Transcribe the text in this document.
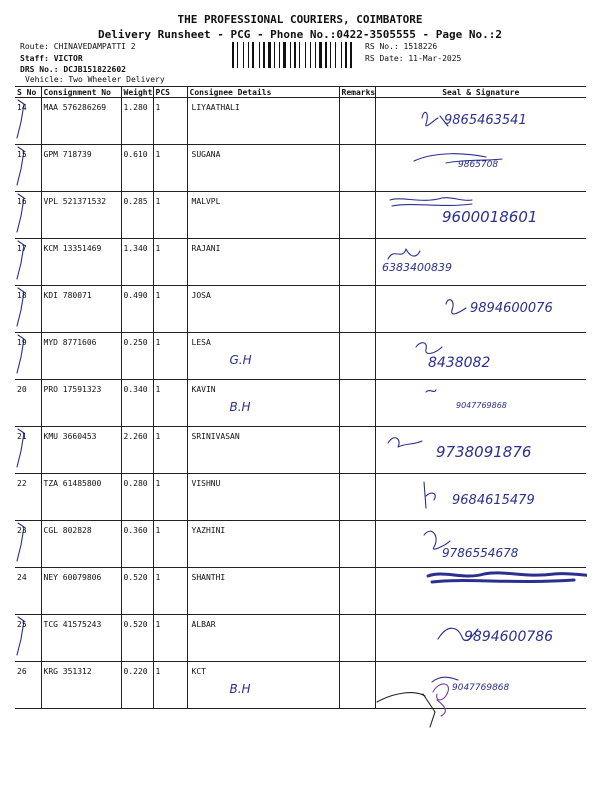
THE PROFESSIONAL COURIERS, COIMBATORE
Delivery Runsheet - PCG - Phone No.:0422-3505555 - Page No.:2
Route: CHINAVEDAMPATTI 2
Staff: VICTOR
DRS No.: DCJB151822602
Vehicle: Two Wheeler Delivery
RS No.: 1518226
RS Date: 11-Mar-2025
S No	Consignment No	Weight	PCS	Consignee Details	Remarks	Seal & Signature

14	MAA 576286269	1.280	1	LIYAATHALI		9865463541

15	GPM 718739	0.610	1	SUGANA		9865708

16	VPL 521371532	0.285	1	MALVPL		9600018601

17	KCM 13351469	1.340	1	RAJANI		6383400839

18	KDI 780071	0.490	1	JOSA		9894600076

19	MYD 8771606	0.250	1	LESA
G.H		8438082

20	PRO 17591323	0.340	1	KAVIN
B.H		9047769868

21	KMU 3660453	2.260	1	SRINIVASAN		9738091876

22	TZA 61485800	0.280	1	VISHNU		9684615479

23	CGL 802828	0.360	1	YAZHINI		9786554678

24	NEY 60079806	0.520	1	SHANTHI		

25	TCG 41575243	0.520	1	ALBAR		9894600786

26	KRG 351312	0.220	1	KCT
B.H		9047769868
